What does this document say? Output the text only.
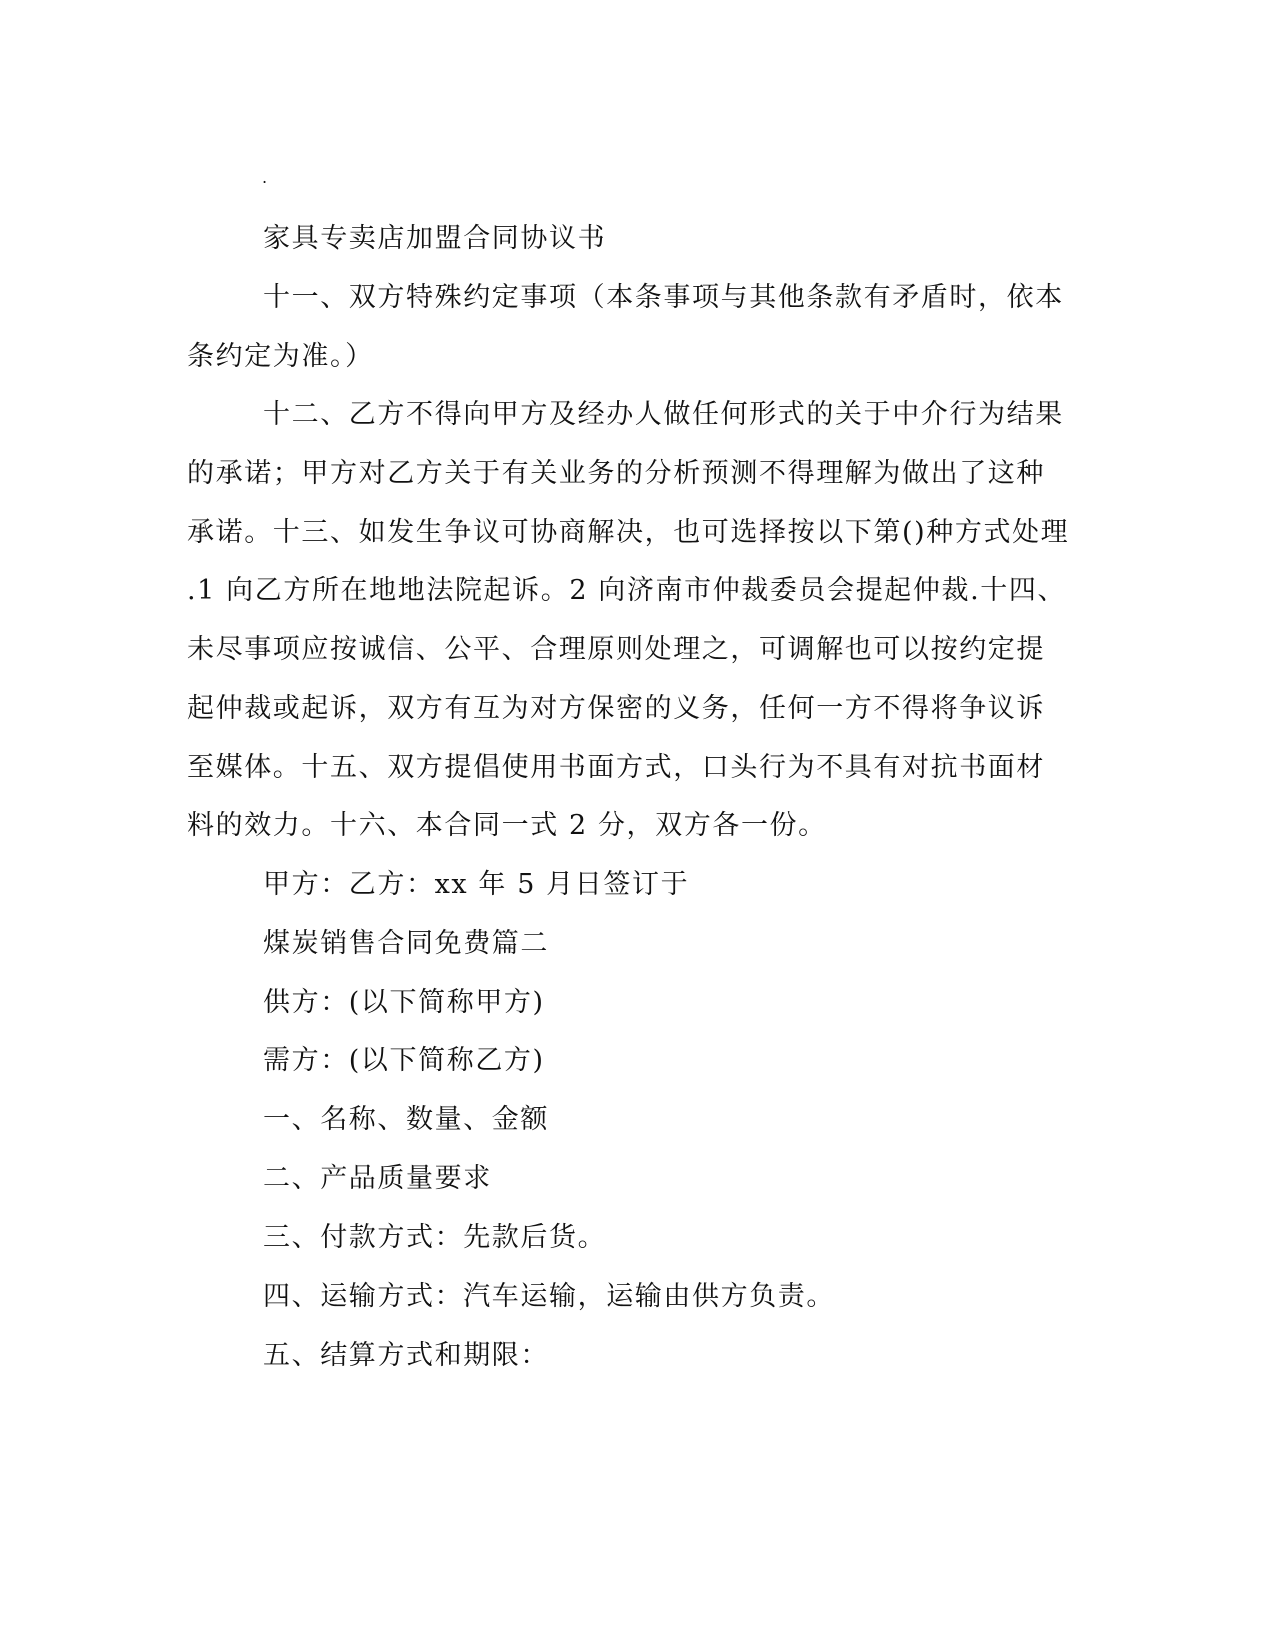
.
家具专卖店加盟合同协议书
十一、双方特殊约定事项（本条事项与其他条款有矛盾时，依本
条约定为准。）
十二、乙方不得向甲方及经办人做任何形式的关于中介行为结果
的承诺；甲方对乙方关于有关业务的分析预测不得理解为做出了这种
承诺。十三、如发生争议可协商解决，也可选择按以下第()种方式处理
.1 向乙方所在地地法院起诉。2 向济南市仲裁委员会提起仲裁.十四、
未尽事项应按诚信、公平、合理原则处理之，可调解也可以按约定提
起仲裁或起诉，双方有互为对方保密的义务，任何一方不得将争议诉
至媒体。十五、双方提倡使用书面方式，口头行为不具有对抗书面材
料的效力。十六、本合同一式 2 分，双方各一份。
甲方：乙方：xx 年 5 月日签订于
煤炭销售合同免费篇二
供方：(以下简称甲方)
需方：(以下简称乙方)
一、名称、数量、金额
二、产品质量要求
三、付款方式：先款后货。
四、运输方式：汽车运输，运输由供方负责。
五、结算方式和期限：
